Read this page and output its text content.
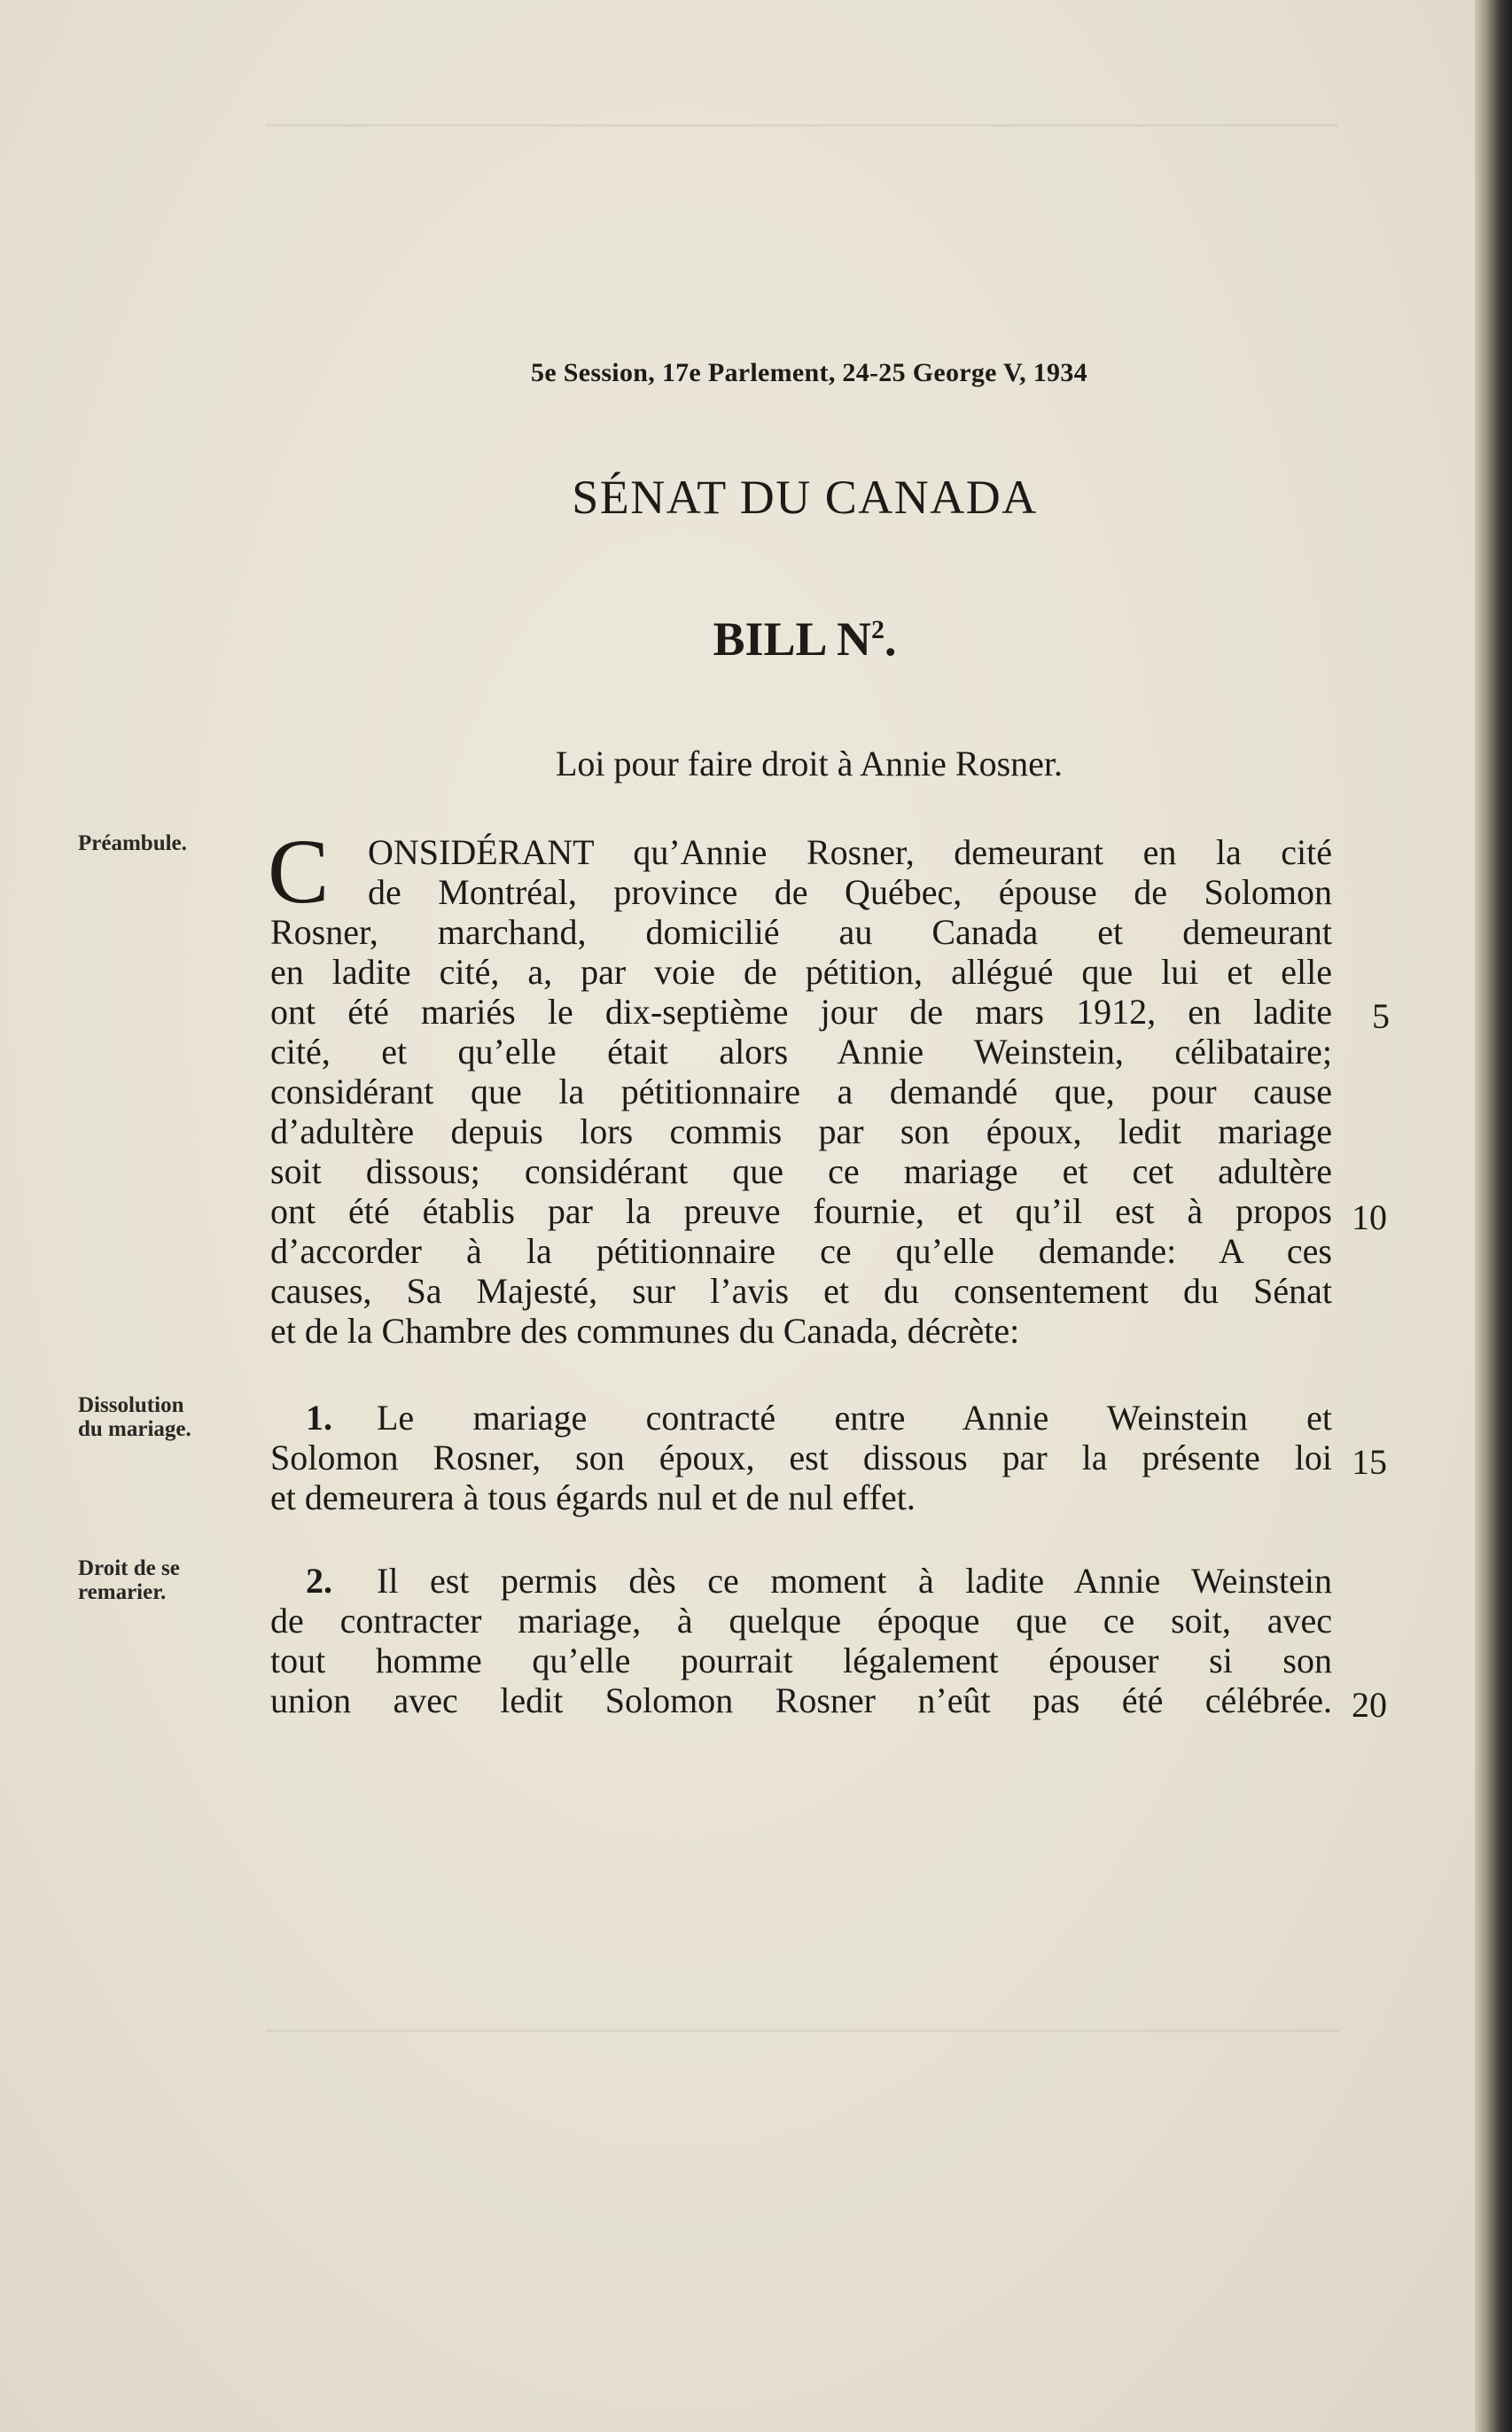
5e Session, 17e Parlement, 24-25 George V, 1934
SÉNAT DU CANADA
BILL $N^2$.
Loi pour faire droit à Annie Rosner.
Préambule.
Dissolution
du mariage.
Droit de se
remarier.
C ONSIDÉRANT qu’Annie Rosner, demeurant en la cité
de Montréal, province de Québec, épouse de Solomon
Rosner, marchand, domicilié au Canada et demeurant
en ladite cité, a, par voie de pétition, allégué que lui et elle
ont été mariés le dix-septième jour de mars 1912, en ladite
cité, et qu’elle était alors Annie Weinstein, célibataire;
considérant que la pétitionnaire a demandé que, pour cause
d’adultère depuis lors commis par son époux, ledit mariage
soit dissous; considérant que ce mariage et cet adultère
ont été établis par la preuve fournie, et qu’il est à propos
d’accorder à la pétitionnaire ce qu’elle demande: A ces
causes, Sa Majesté, sur l’avis et du consentement du Sénat
et de la Chambre des communes du Canada, décrète:
1.	Le mariage contracté entre Annie Weinstein et
Solomon Rosner, son époux, est dissous par la présente loi
et demeurera à tous égards nul et de nul effet.
2.	Il est permis dès ce moment à ladite Annie Weinstein
de contracter mariage, à quelque époque que ce soit, avec
tout homme qu’elle pourrait légalement épouser si son
union avec ledit Solomon Rosner n’eût pas été célébrée.
5
10
15
20
